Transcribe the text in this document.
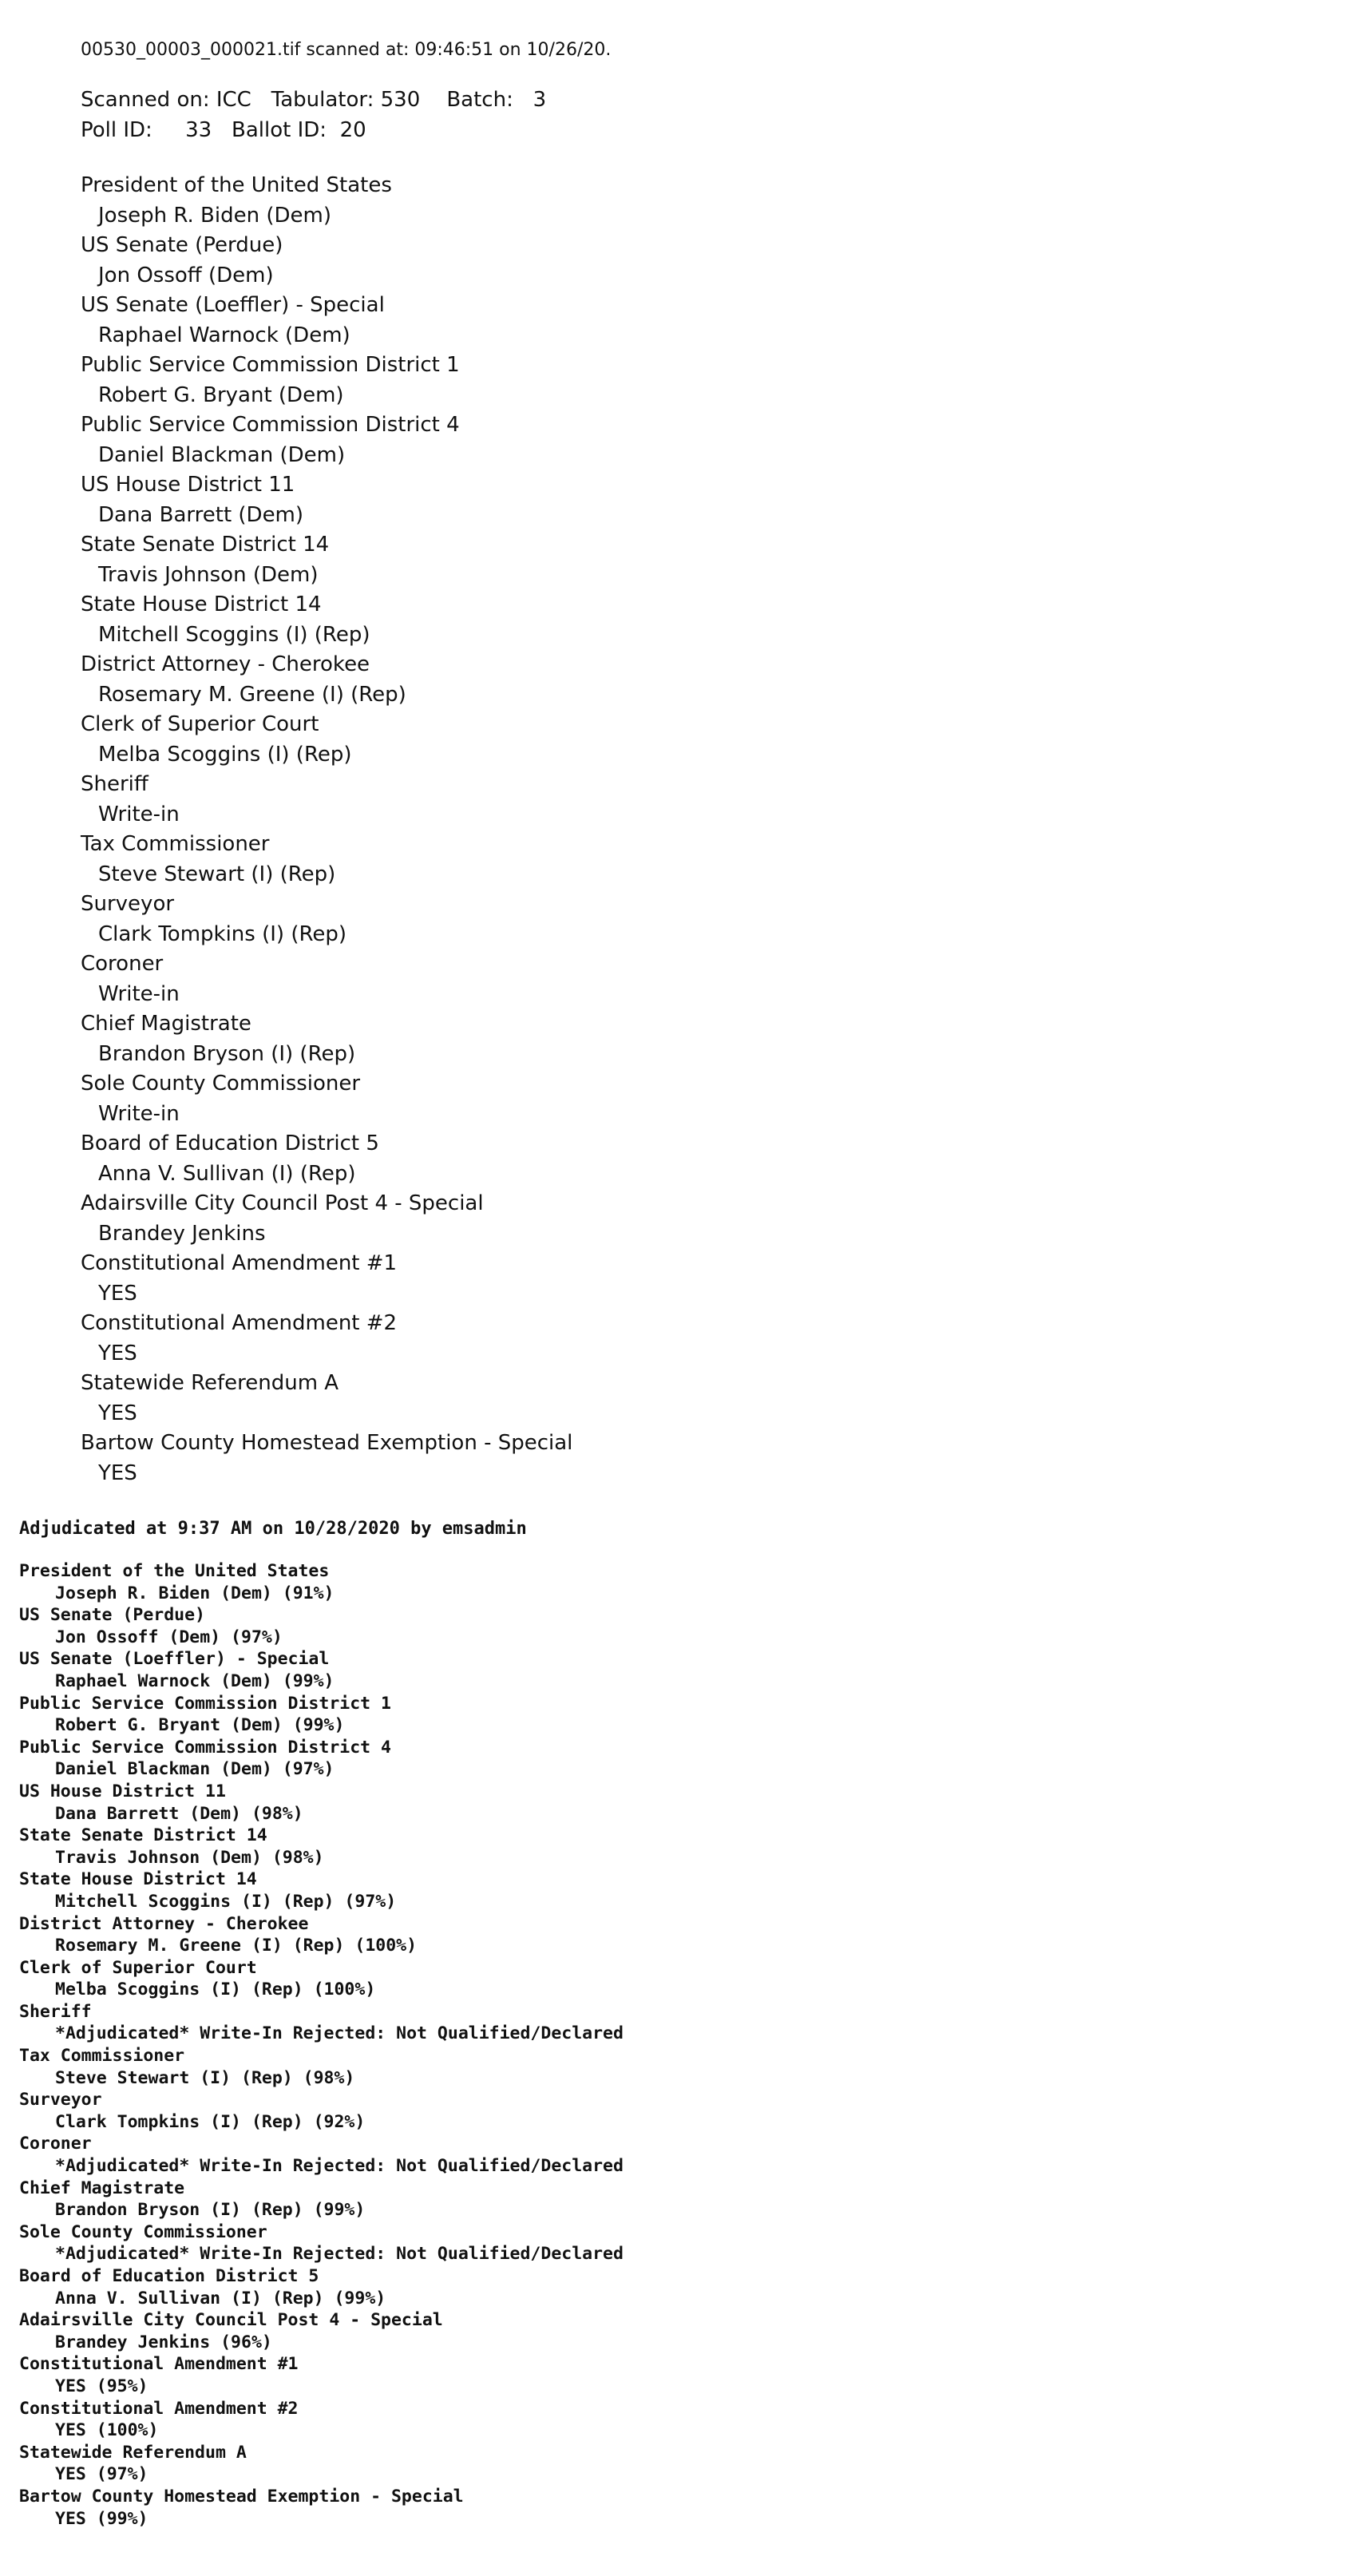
00530_00003_000021.tif scanned at: 09:46:51 on 10/26/20.
Scanned on: ICC   Tabulator: 530    Batch:   3
Poll ID:     33   Ballot ID:  20
President of the United States
Joseph R. Biden (Dem)
US Senate (Perdue)
Jon Ossoff (Dem)
US Senate (Loeffler) - Special
Raphael Warnock (Dem)
Public Service Commission District 1
Robert G. Bryant (Dem)
Public Service Commission District 4
Daniel Blackman (Dem)
US House District 11
Dana Barrett (Dem)
State Senate District 14
Travis Johnson (Dem)
State House District 14
Mitchell Scoggins (I) (Rep)
District Attorney - Cherokee
Rosemary M. Greene (I) (Rep)
Clerk of Superior Court
Melba Scoggins (I) (Rep)
Sheriff
Write-in
Tax Commissioner
Steve Stewart (I) (Rep)
Surveyor
Clark Tompkins (I) (Rep)
Coroner
Write-in
Chief Magistrate
Brandon Bryson (I) (Rep)
Sole County Commissioner
Write-in
Board of Education District 5
Anna V. Sullivan (I) (Rep)
Adairsville City Council Post 4 - Special
Brandey Jenkins
Constitutional Amendment #1
YES
Constitutional Amendment #2
YES
Statewide Referendum A
YES
Bartow County Homestead Exemption - Special
YES
Adjudicated at 9:37 AM on 10/28/2020 by emsadmin
President of the United States
Joseph R. Biden (Dem) (91%)
US Senate (Perdue)
Jon Ossoff (Dem) (97%)
US Senate (Loeffler) - Special
Raphael Warnock (Dem) (99%)
Public Service Commission District 1
Robert G. Bryant (Dem) (99%)
Public Service Commission District 4
Daniel Blackman (Dem) (97%)
US House District 11
Dana Barrett (Dem) (98%)
State Senate District 14
Travis Johnson (Dem) (98%)
State House District 14
Mitchell Scoggins (I) (Rep) (97%)
District Attorney - Cherokee
Rosemary M. Greene (I) (Rep) (100%)
Clerk of Superior Court
Melba Scoggins (I) (Rep) (100%)
Sheriff
*Adjudicated* Write-In Rejected: Not Qualified/Declared
Tax Commissioner
Steve Stewart (I) (Rep) (98%)
Surveyor
Clark Tompkins (I) (Rep) (92%)
Coroner
*Adjudicated* Write-In Rejected: Not Qualified/Declared
Chief Magistrate
Brandon Bryson (I) (Rep) (99%)
Sole County Commissioner
*Adjudicated* Write-In Rejected: Not Qualified/Declared
Board of Education District 5
Anna V. Sullivan (I) (Rep) (99%)
Adairsville City Council Post 4 - Special
Brandey Jenkins (96%)
Constitutional Amendment #1
YES (95%)
Constitutional Amendment #2
YES (100%)
Statewide Referendum A
YES (97%)
Bartow County Homestead Exemption - Special
YES (99%)
